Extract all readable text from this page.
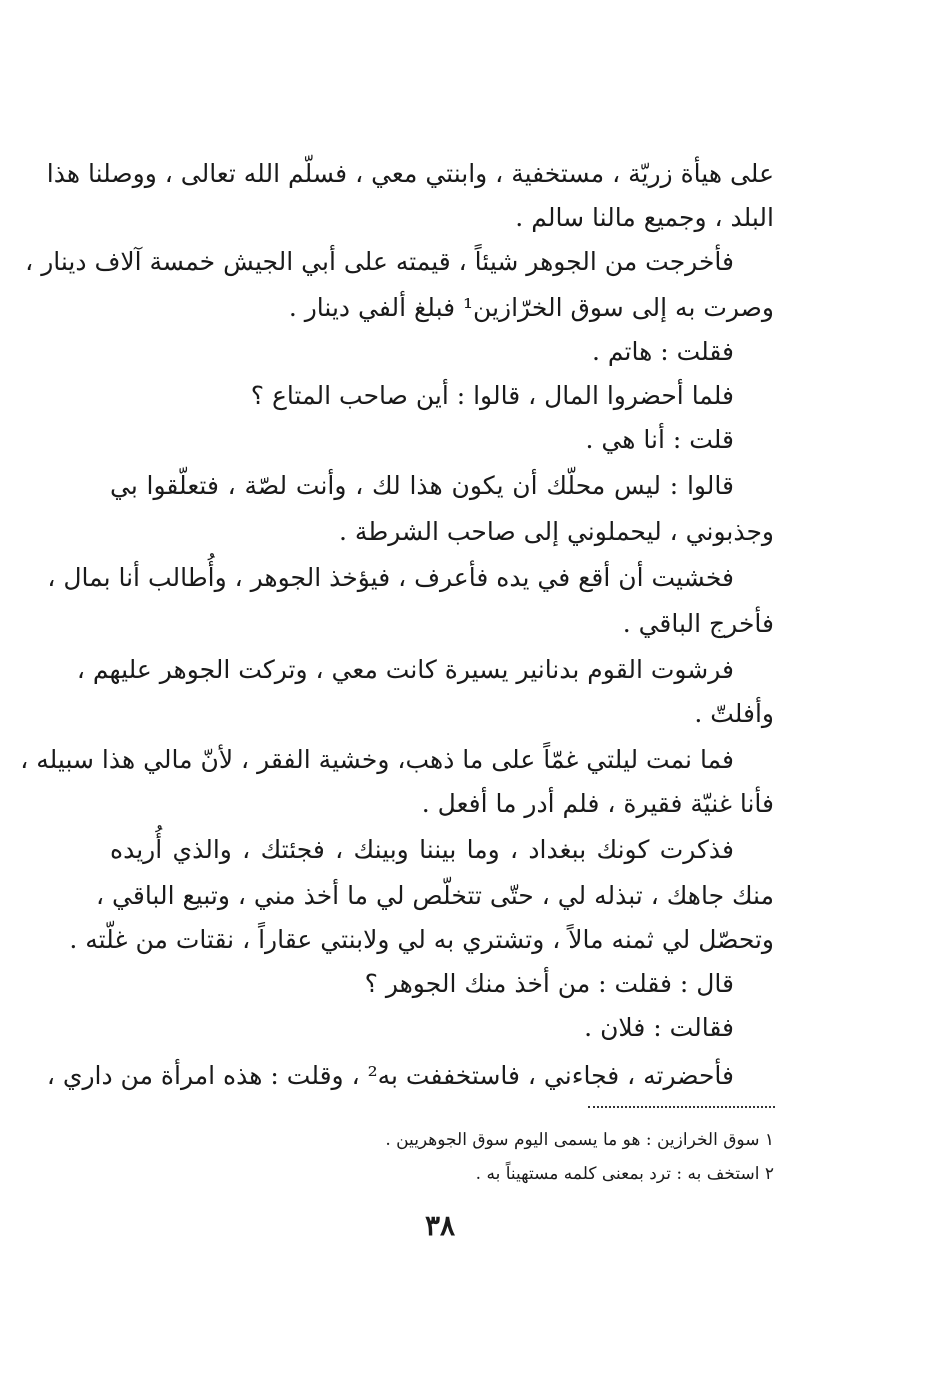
على هيأة زريّة ، مستخفية ، وابنتي معي ، فسلّم الله تعالى ، ووصلنا هذا
البلد ، وجميع مالنا سالم .
فأخرجت من الجوهر شيئاً ، قيمته على أبي الجيش خمسة آلاف دينار ،
وصرت به إلى سوق الخرّازين¹ فبلغ ألفي دينار .
فقلت : هاتم .
فلما أحضروا المال ، قالوا : أين صاحب المتاع ؟
قلت : أنا هي .
قالوا : ليس محلّك أن يكون هذا لك ، وأنت لصّة ، فتعلّقوا بي
وجذبوني ، ليحملوني إلى صاحب الشرطة .
فخشيت أن أقع في يده فأعرف ، فيؤخذ الجوهر ، وأُطالب أنا بمال ،
فأخرج الباقي .
فرشوت القوم بدنانير يسيرة كانت معي ، وتركت الجوهر عليهم ،
وأفلتّ .
فما نمت ليلتي غمّاً على ما ذهب، وخشية الفقر ، لأنّ مالي هذا سبيله ،
فأنا غنيّة فقيرة ، فلم أدر ما أفعل .
فذكرت كونك ببغداد ، وما بيننا وبينك ، فجئتك ، والذي أُريده
منك جاهك ، تبذله لي ، حتّى تتخلّص لي ما أخذ مني ، وتبيع الباقي ،
وتحصّل لي ثمنه مالاً ، وتشتري به لي ولابنتي عقاراً ، نقتات من غلّته .
قال : فقلت : من أخذ منك الجوهر ؟
فقالت : فلان .
فأحضرته ، فجاءني ، فاستخففت به² ، وقلت : هذه امرأة من داري ،
١ سوق الخرازين : هو ما يسمى اليوم سوق الجوهريين .
٢ استخف به : ترد بمعنى كلمه مستهيناً به .
٣٨
